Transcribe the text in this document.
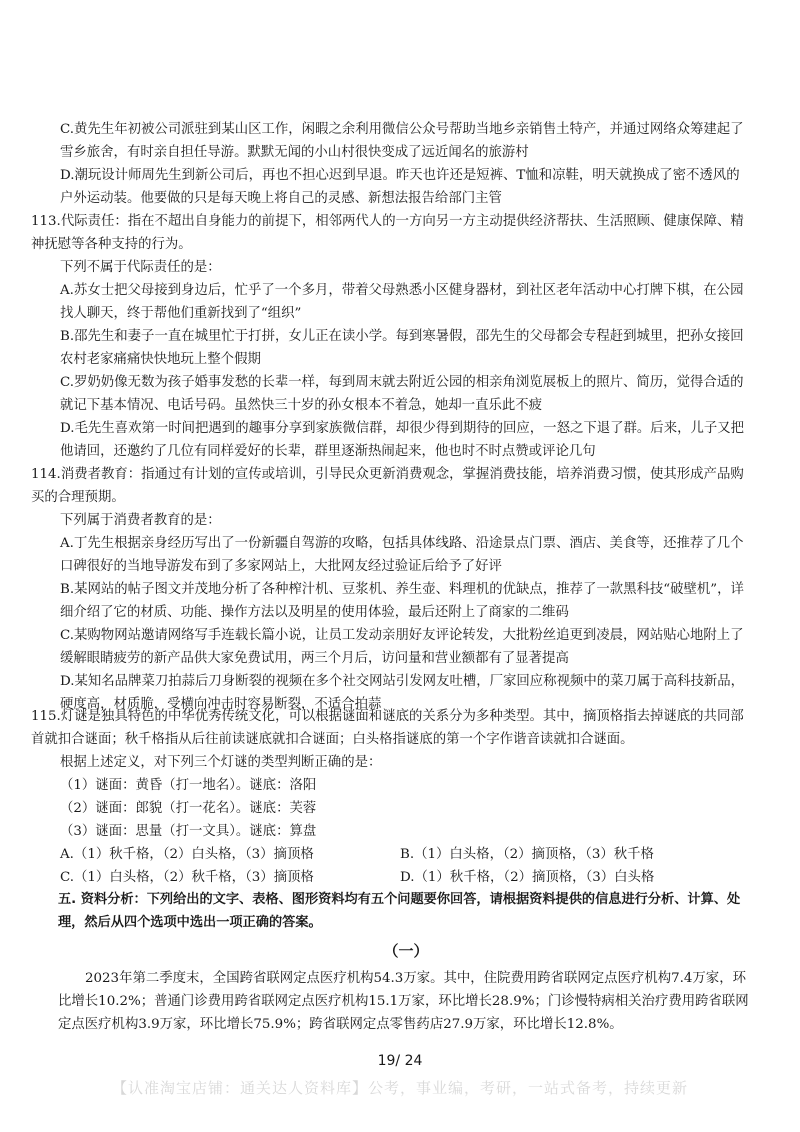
C.黄先生年初被公司派驻到某山区工作，闲暇之余利用微信公众号帮助当地乡亲销售土特产，并通过网络众筹建起了雪乡旅舍，有时亲自担任导游。默默无闻的小山村很快变成了远近闻名的旅游村

D.潮玩设计师周先生到新公司后，再也不担心迟到早退。昨天也许还是短裤、T恤和凉鞋，明天就换成了密不透风的户外运动装。他要做的只是每天晚上将自己的灵感、新想法报告给部门主管

113.代际责任：指在不超出自身能力的前提下，相邻两代人的一方向另一方主动提供经济帮扶、生活照顾、健康保障、精神抚慰等各种支持的行为。

下列不属于代际责任的是：

A.苏女士把父母接到身边后，忙乎了一个多月，带着父母熟悉小区健身器材，到社区老年活动中心打牌下棋，在公园找人聊天，终于帮他们重新找到了“组织”

B.邵先生和妻子一直在城里忙于打拼，女儿正在读小学。每到寒暑假，邵先生的父母都会专程赶到城里，把孙女接回农村老家痛痛快快地玩上整个假期

C.罗奶奶像无数为孩子婚事发愁的长辈一样，每到周末就去附近公园的相亲角浏览展板上的照片、简历，觉得合适的就记下基本情况、电话号码。虽然快三十岁的孙女根本不着急，她却一直乐此不疲

D.毛先生喜欢第一时间把遇到的趣事分享到家族微信群，却很少得到期待的回应，一怒之下退了群。后来，儿子又把他请回，还邀约了几位有同样爱好的长辈，群里逐渐热闹起来，他也时不时点赞或评论几句

114.消费者教育：指通过有计划的宣传或培训，引导民众更新消费观念，掌握消费技能，培养消费习惯，使其形成产品购买的合理预期。

下列属于消费者教育的是：

A.丁先生根据亲身经历写出了一份新疆自驾游的攻略，包括具体线路、沿途景点门票、酒店、美食等，还推荐了几个口碑很好的当地导游发布到了多家网站上，大批网友经过验证后给予了好评

B.某网站的帖子图文并茂地分析了各种榨汁机、豆浆机、养生壶、料理机的优缺点，推荐了一款黑科技“破壁机”，详细介绍了它的材质、功能、操作方法以及明星的使用体验，最后还附上了商家的二维码

C.某购物网站邀请网络写手连载长篇小说，让员工发动亲朋好友评论转发，大批粉丝追更到凌晨，网站贴心地附上了缓解眼睛疲劳的新产品供大家免费试用，两三个月后，访问量和营业额都有了显著提高

D.某知名品牌菜刀拍蒜后刀身断裂的视频在多个社交网站引发网友吐槽，厂家回应称视频中的菜刀属于高科技新品，硬度高，材质脆，受横向冲击时容易断裂，不适合拍蒜

115.灯谜是独具特色的中华优秀传统文化，可以根据谜面和谜底的关系分为多种类型。其中，摘顶格指去掉谜底的共同部首就扣合谜面；秋千格指从后往前读谜底就扣合谜面；白头格指谜底的第一个字作谐音读就扣合谜面。

根据上述定义，对下列三个灯谜的类型判断正确的是：

（1）谜面：黄昏（打一地名）。谜底：洛阳

（2）谜面：郎貌（打一花名）。谜底：芙蓉

（3）谜面：思量（打一文具）。谜底：算盘

A.（1）秋千格，（2）白头格，（3）摘顶格	B.（1）白头格，（2）摘顶格，（3）秋千格
C.（1）白头格，（2）秋千格，（3）摘顶格	D.（1）秋千格，（2）摘顶格，（3）白头格

五. 资料分析：下列给出的文字、表格、图形资料均有五个问题要你回答，请根据资料提供的信息进行分析、计算、处理，然后从四个选项中选出一项正确的答案。

（一）

2023年第二季度末，全国跨省联网定点医疗机构54.3万家。其中，住院费用跨省联网定点医疗机构7.4万家，环比增长10.2%；普通门诊费用跨省联网定点医疗机构15.1万家，环比增长28.9%；门诊慢特病相关治疗费用跨省联网定点医疗机构3.9万家，环比增长75.9%；跨省联网定点零售药店27.9万家，环比增长12.8%。

19/ 24
【认准淘宝店铺：通关达人资料库】公考，事业编，考研，一站式备考，持续更新
